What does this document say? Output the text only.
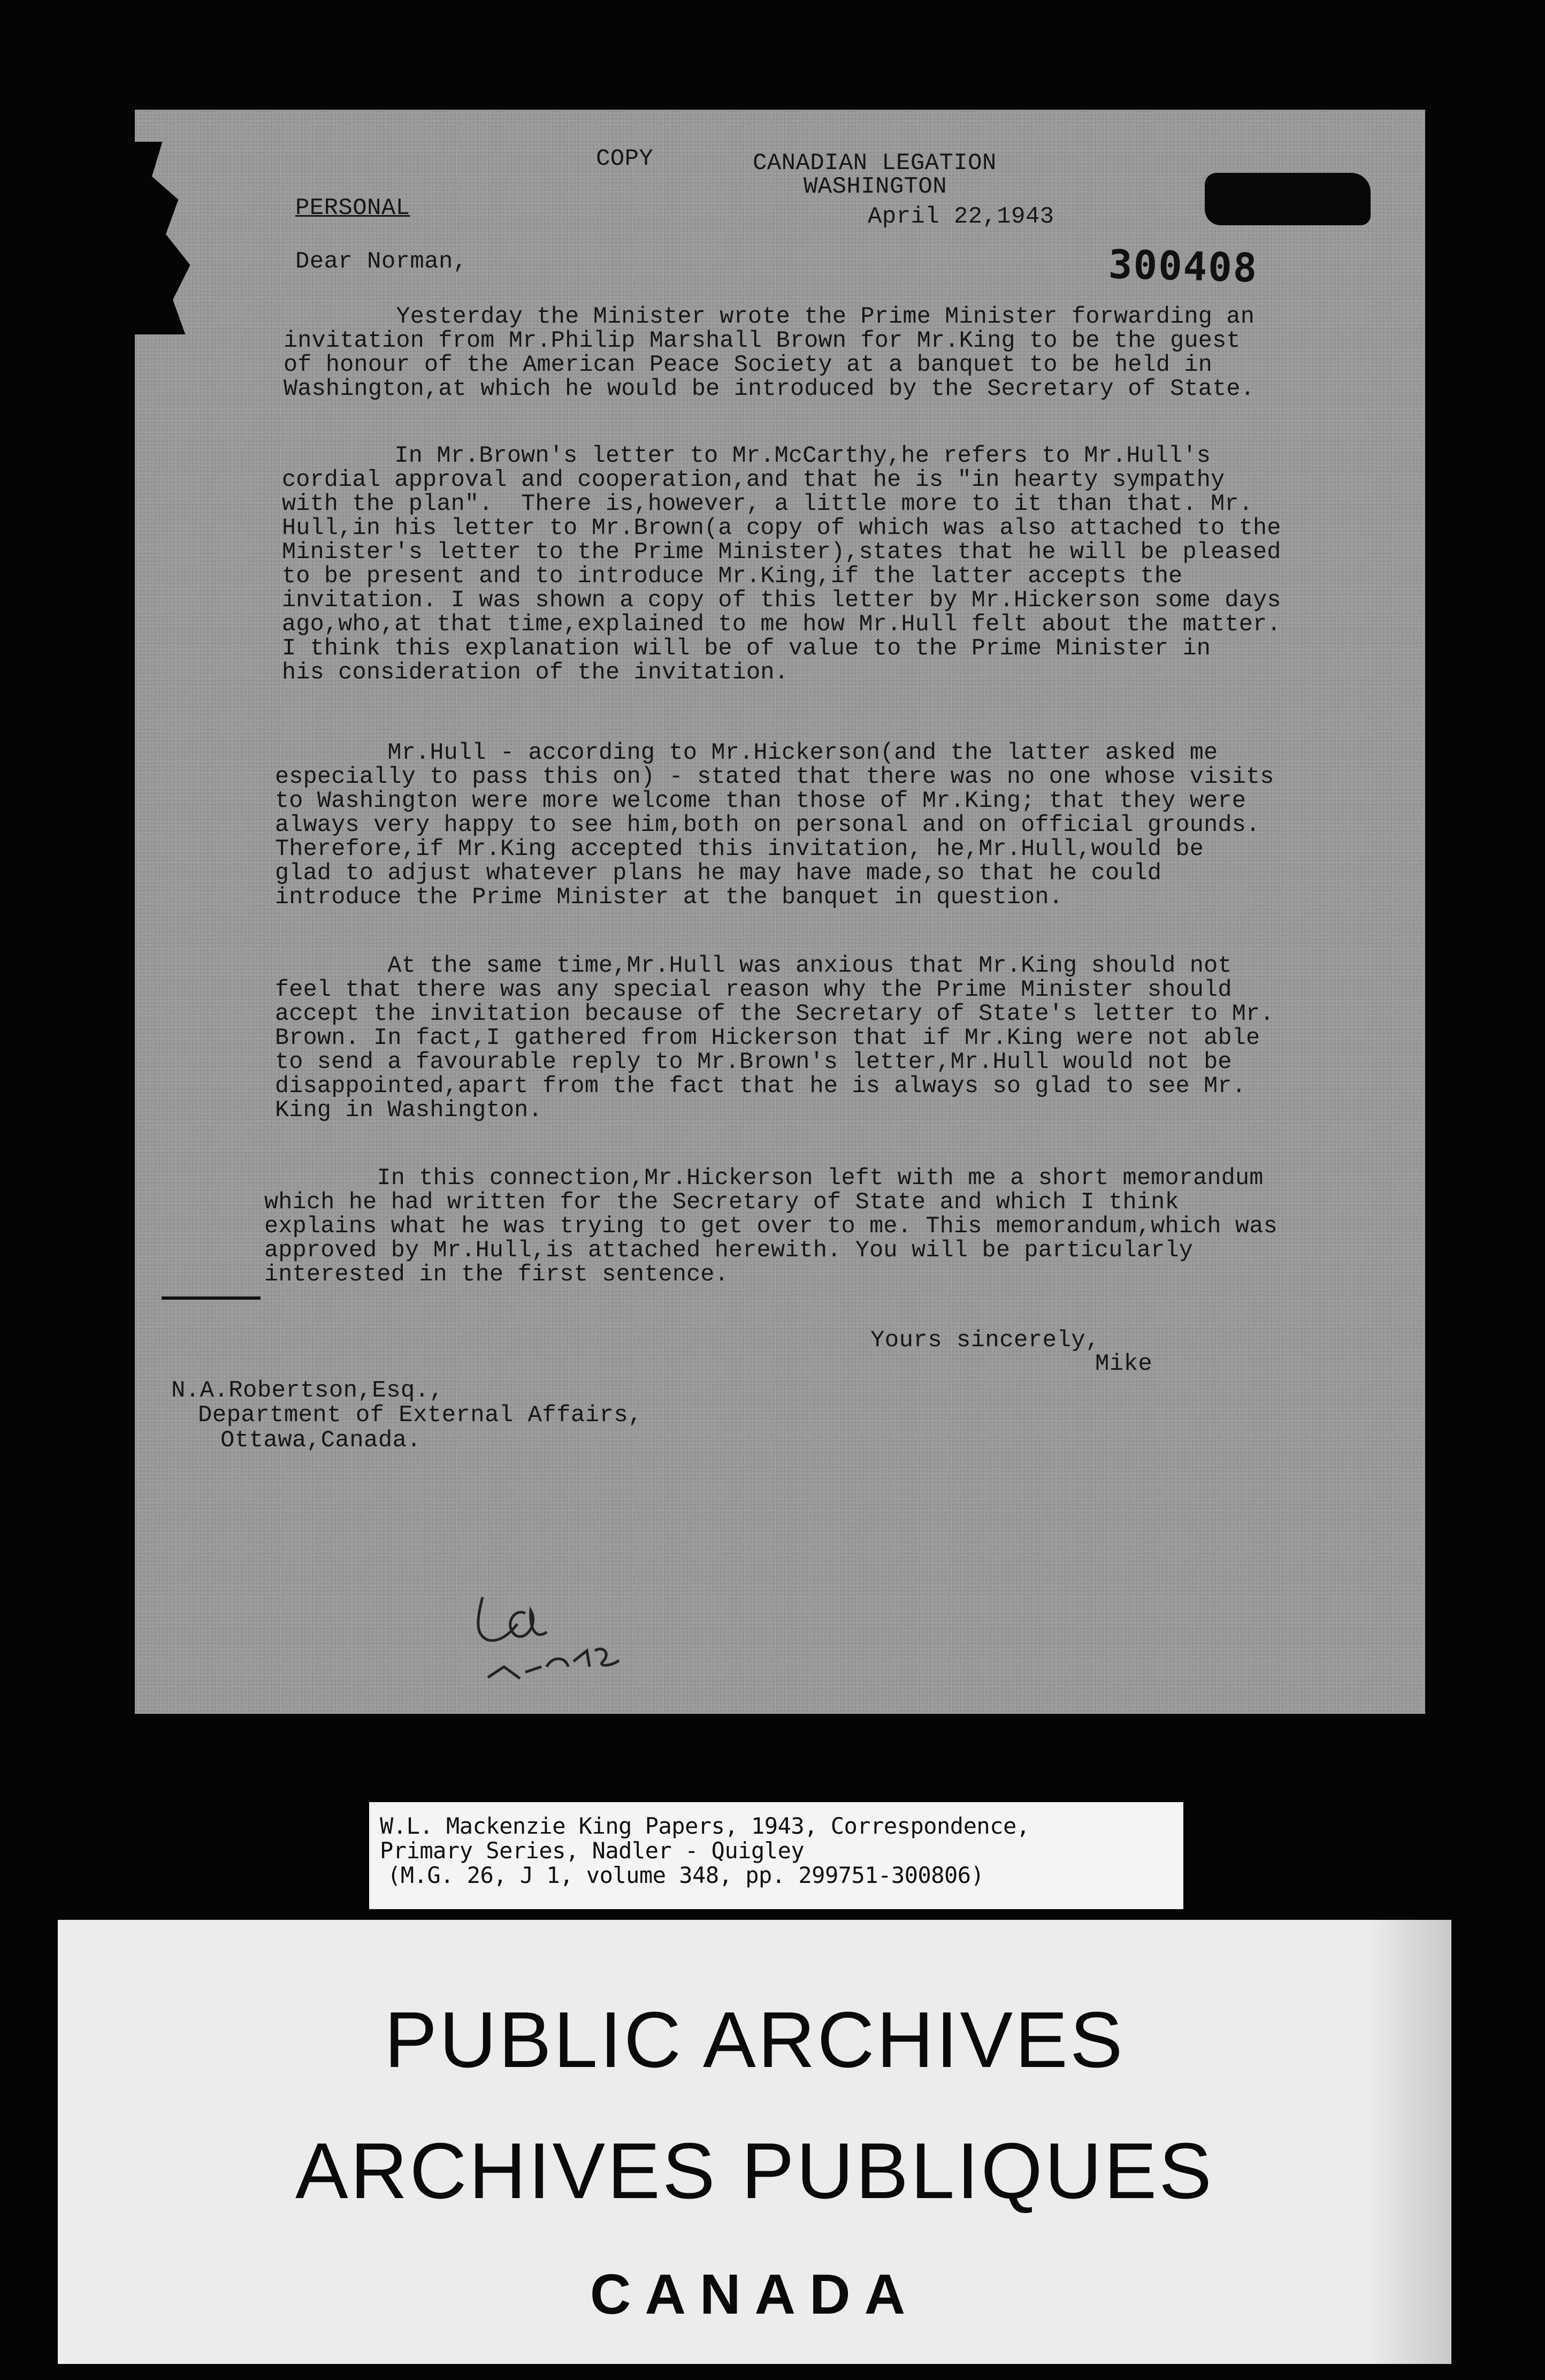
COPY	CANADIAN LEGATION
WASHINGTON
PERSONAL	April 22,1943
300408
Dear Norman,
Yesterday the Minister wrote the Prime Minister forwarding an
invitation from Mr.Philip Marshall Brown for Mr.King to be the guest
of honour of the American Peace Society at a banquet to be held in
Washington,at which he would be introduced by the Secretary of State.
In Mr.Brown's letter to Mr.McCarthy,he refers to Mr.Hull's
cordial approval and cooperation,and that he is "in hearty sympathy
with the plan".  There is,however, a little more to it than that. Mr.
Hull,in his letter to Mr.Brown(a copy of which was also attached to the
Minister's letter to the Prime Minister),states that he will be pleased
to be present and to introduce Mr.King,if the latter accepts the
invitation. I was shown a copy of this letter by Mr.Hickerson some days
ago,who,at that time,explained to me how Mr.Hull felt about the matter.
I think this explanation will be of value to the Prime Minister in
his consideration of the invitation.
Mr.Hull - according to Mr.Hickerson(and the latter asked me
especially to pass this on) - stated that there was no one whose visits
to Washington were more welcome than those of Mr.King; that they were
always very happy to see him,both on personal and on official grounds.
Therefore,if Mr.King accepted this invitation, he,Mr.Hull,would be
glad to adjust whatever plans he may have made,so that he could
introduce the Prime Minister at the banquet in question.
At the same time,Mr.Hull was anxious that Mr.King should not
feel that there was any special reason why the Prime Minister should
accept the invitation because of the Secretary of State's letter to Mr.
Brown. In fact,I gathered from Hickerson that if Mr.King were not able
to send a favourable reply to Mr.Brown's letter,Mr.Hull would not be
disappointed,apart from the fact that he is always so glad to see Mr.
King in Washington.
In this connection,Mr.Hickerson left with me a short memorandum
which he had written for the Secretary of State and which I think
explains what he was trying to get over to me. This memorandum,which was
approved by Mr.Hull,is attached herewith. You will be particularly
interested in the first sentence.
Yours sincerely,
Mike
N.A.Robertson,Esq.,
Department of External Affairs,
Ottawa,Canada.
W.L. Mackenzie King Papers, 1943, Correspondence,
Primary Series, Nadler - Quigley
(M.G. 26, J 1, volume 348, pp. 299751-300806)
PUBLIC ARCHIVES
ARCHIVES PUBLIQUES
CANADA
